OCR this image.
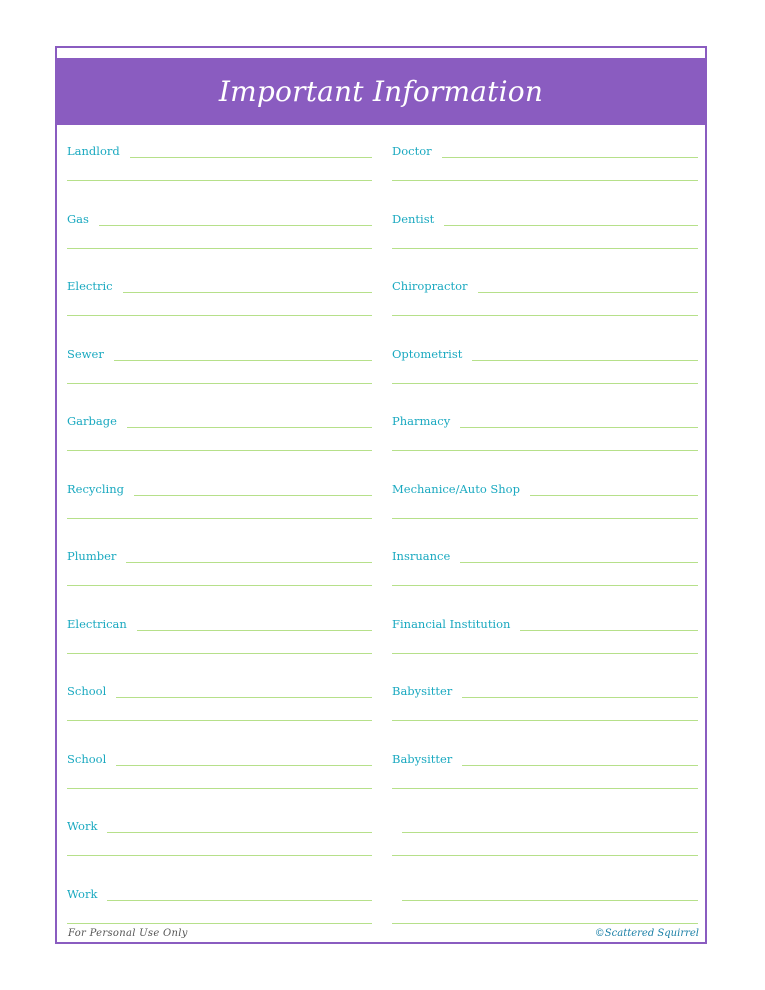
Important Information
Landlord
Gas
Electric
Sewer
Garbage
Recycling
Plumber
Electrican
School
School
Work
Work
Doctor
Dentist
Chiropractor
Optometrist
Pharmacy
Mechanice/Auto Shop
Insruance
Financial Institution
Babysitter
Babysitter
For Personal Use Only	©Scattered Squirrel
